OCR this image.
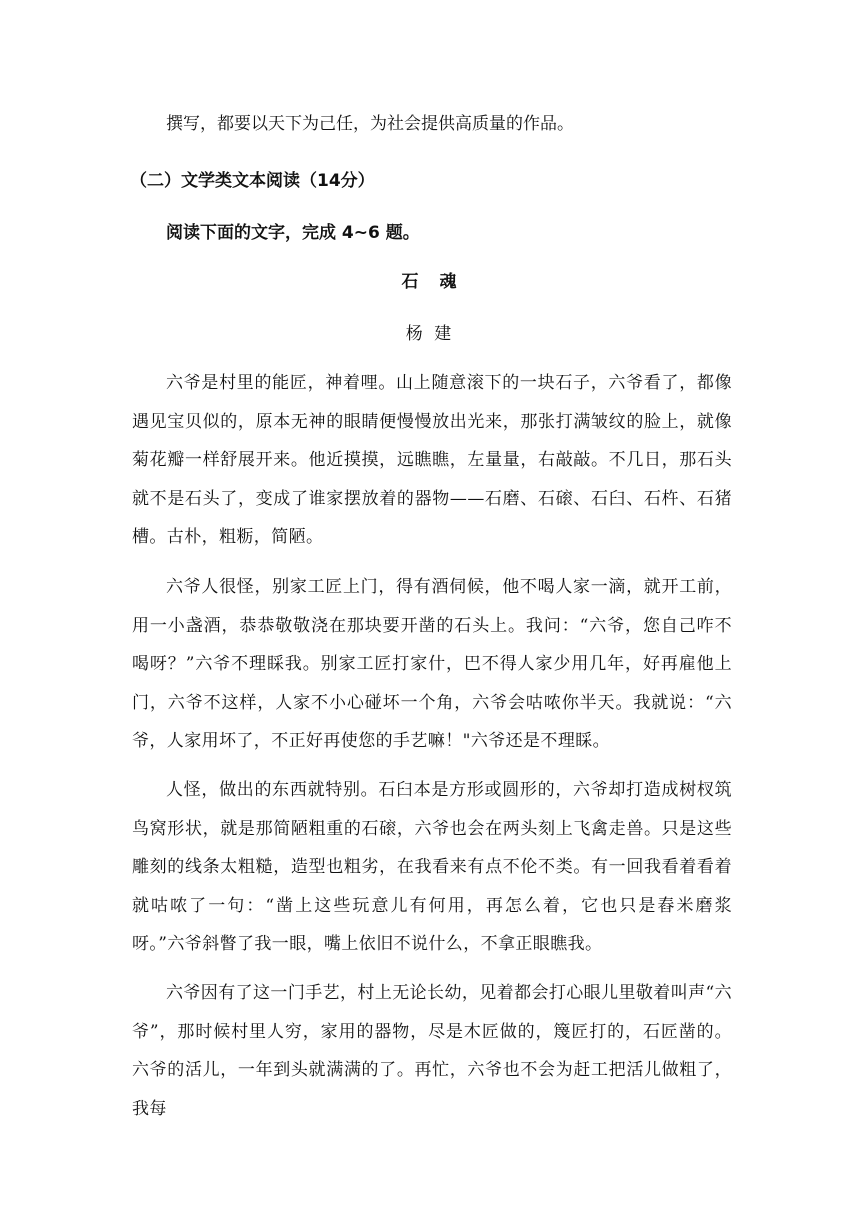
撰写，都要以天下为己任，为社会提供高质量的作品。
（二）文学类文本阅读（14分）
阅读下面的文字，完成 4~6 题。
石　魂
杨 建

六爷是村里的能匠，神着哩。山上随意滚下的一块石子，六爷看了，都像遇见宝贝似的，原本无神的眼睛便慢慢放出光来，那张打满皱纹的脸上，就像菊花瓣一样舒展开来。他近摸摸，远瞧瞧，左量量，右敲敲。不几日，那石头就不是石头了，变成了谁家摆放着的器物——石磨、石磙、石臼、石杵、石猪槽。古朴，粗粝，简陋。

六爷人很怪，别家工匠上门，得有酒伺候，他不喝人家一滴，就开工前，用一小盏酒，恭恭敬敬浇在那块要开凿的石头上。我问：“六爷，您自己咋不喝呀？”六爷不理睬我。别家工匠打家什，巴不得人家少用几年，好再雇他上门，六爷不这样，人家不小心碰坏一个角，六爷会咕哝你半天。我就说：“六爷，人家用坏了，不正好再使您的手艺嘛！"六爷还是不理睬。

人怪，做出的东西就特别。石臼本是方形或圆形的，六爷却打造成树杈筑鸟窝形状，就是那简陋粗重的石磙，六爷也会在两头刻上飞禽走兽。只是这些雕刻的线条太粗糙，造型也粗劣，在我看来有点不伦不类。有一回我看着看着就咕哝了一句：“凿上这些玩意儿有何用，再怎么着，它也只是舂米磨浆呀。”六爷斜瞥了我一眼，嘴上依旧不说什么，不拿正眼瞧我。

六爷因有了这一门手艺，村上无论长幼，见着都会打心眼儿里敬着叫声“六爷”，那时候村里人穷，家用的器物，尽是木匠做的，篾匠打的，石匠凿的。六爷的活儿，一年到头就满满的了。再忙，六爷也不会为赶工把活儿做粗了，我每
